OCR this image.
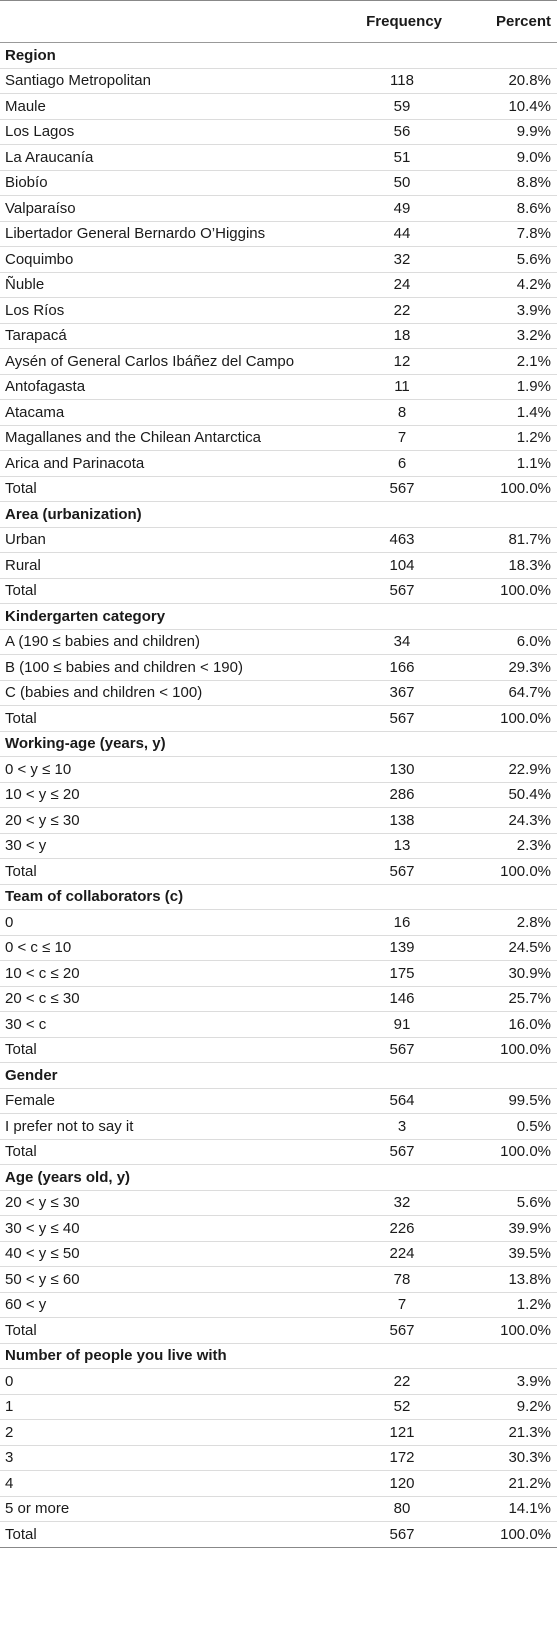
	Frequency	Percent
Region		
Santiago Metropolitan	118	20.8%
Maule	59	10.4%
Los Lagos	56	9.9%
La Araucanía	51	9.0%
Biobío	50	8.8%
Valparaíso	49	8.6%
Libertador General Bernardo O’Higgins	44	7.8%
Coquimbo	32	5.6%
Ñuble	24	4.2%
Los Ríos	22	3.9%
Tarapacá	18	3.2%
Aysén of General Carlos Ibáñez del Campo	12	2.1%
Antofagasta	11	1.9%
Atacama	8	1.4%
Magallanes and the Chilean Antarctica	7	1.2%
Arica and Parinacota	6	1.1%
Total	567	100.0%
Area (urbanization)		
Urban	463	81.7%
Rural	104	18.3%
Total	567	100.0%
Kindergarten category		
A (190 ≤ babies and children)	34	6.0%
B (100 ≤ babies and children < 190)	166	29.3%
C (babies and children < 100)	367	64.7%
Total	567	100.0%
Working-age (years, y)		
0 < y ≤ 10	130	22.9%
10 < y ≤ 20	286	50.4%
20 < y ≤ 30	138	24.3%
30 < y	13	2.3%
Total	567	100.0%
Team of collaborators (c)		
0	16	2.8%
0 < c ≤ 10	139	24.5%
10 < c ≤ 20	175	30.9%
20 < c ≤ 30	146	25.7%
30 < c	91	16.0%
Total	567	100.0%
Gender		
Female	564	99.5%
I prefer not to say it	3	0.5%
Total	567	100.0%
Age (years old, y)		
20 < y ≤ 30	32	5.6%
30 < y ≤ 40	226	39.9%
40 < y ≤ 50	224	39.5%
50 < y ≤ 60	78	13.8%
60 < y	7	1.2%
Total	567	100.0%
Number of people you live with		
0	22	3.9%
1	52	9.2%
2	121	21.3%
3	172	30.3%
4	120	21.2%
5 or more	80	14.1%
Total	567	100.0%
